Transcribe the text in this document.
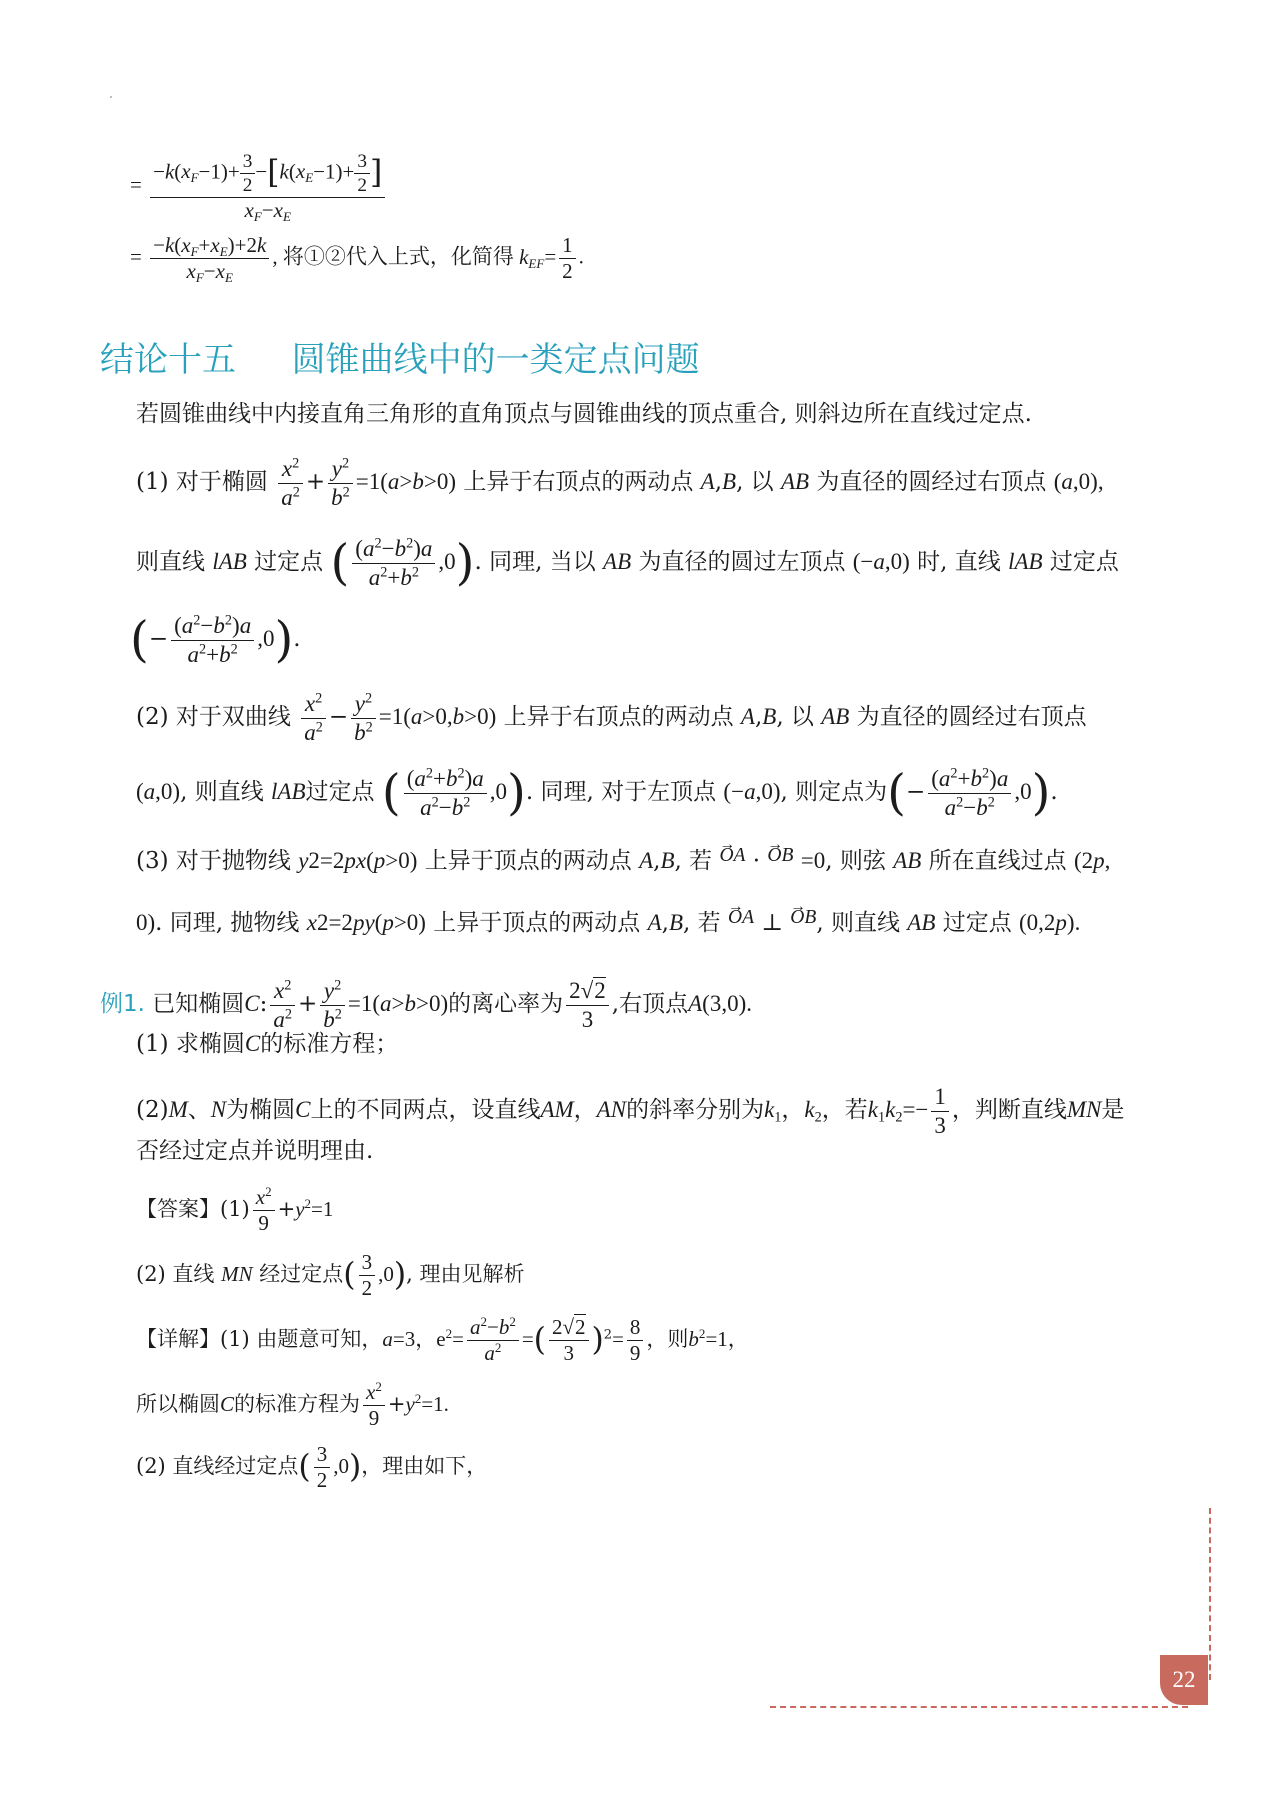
= $\frac{-k(x_F-1)+ \frac{3}{2} -[k(x_E-1)+ \frac{3}{2} ]}{x_F-x_E}$
= $\frac{-k(x_F+x_E)+2k}{x_F-x_E}$ , 将①②代入上式，化简得 $k_{EF}= \frac{1}{2}$ .
结论十五 圆锥曲线中的一类定点问题
若圆锥曲线中内接直角三角形的直角顶点与圆锥曲线的顶点重合, 则斜边所在直线过定点.
(1) 对于椭圆 $\frac{x^2}{a^2} + \frac{y^2}{b^2} =1(a>b>0)$ 上异于右顶点的两动点 A,B, 以 AB 为直径的圆经过右顶点 (a,0),
则直线 lAB 过定点 ( $\frac{(a^2-b^2)a}{a^2+b^2} ,0$). 同理, 当以 AB 为直径的圆过左顶点 (−a,0) 时, 直线 lAB 过定点
(− $\frac{(a^2-b^2)a}{a^2+b^2} ,0$).
(2) 对于双曲线 $\frac{x^2}{a^2} - \frac{y^2}{b^2} =1(a>0,b>0)$ 上异于右顶点的两动点 A,B, 以 AB 为直径的圆经过右顶点
(a,0), 则直线 lAB过定点 ( $\frac{(a^2+b^2)a}{a^2-b^2} ,0$). 同理, 对于左顶点 (−a,0), 则定点为(− $\frac{(a^2+b^2)a}{a^2-b^2} ,0$).
(3) 对于抛物线 y2=2px(p>0) 上异于顶点的两动点 A,B, 若 → OA · → OB =0, 则弦 AB 所在直线过点 (2p,
0). 同理, 抛物线 x2=2py(p>0) 上异于顶点的两动点 A,B, 若 → OA ⊥ → OB, 则直线 AB 过定点 (0,2p).
例1. 已知椭圆C: $\frac{x^2}{a^2} + \frac{y^2}{b^2} =1(a>b>0)$的离心率为 $\frac{2√2}{3}$ ,右顶点A(3,0).
(1) 求椭圆C的标准方程；
(2)M、N为椭圆C上的不同两点，设直线AM，AN的斜率分别为$k_1$，$k_2$，若$k_1k_2=- \frac{1}{3}$ ，判断直线MN是
否经过定点并说明理由.
【答案】$(1) \frac{x^2}{9} +y^2=1$
(2) 直线 MN 经过定点( $\frac{3}{2} ,0$), 理由见解析
【详解】(1) 由题意可知，a=3，$e^2= \frac{a^2-b^2}{a^2}$ =( $\frac{2√2}{3} )^2= \frac{8}{9}$ ，则$b^2=1$，
所以椭圆C的标准方程为 $\frac{x^2}{9} +y^2=1$.
(2) 直线经过定点( $\frac{3}{2} ,0$)，理由如下，
22
